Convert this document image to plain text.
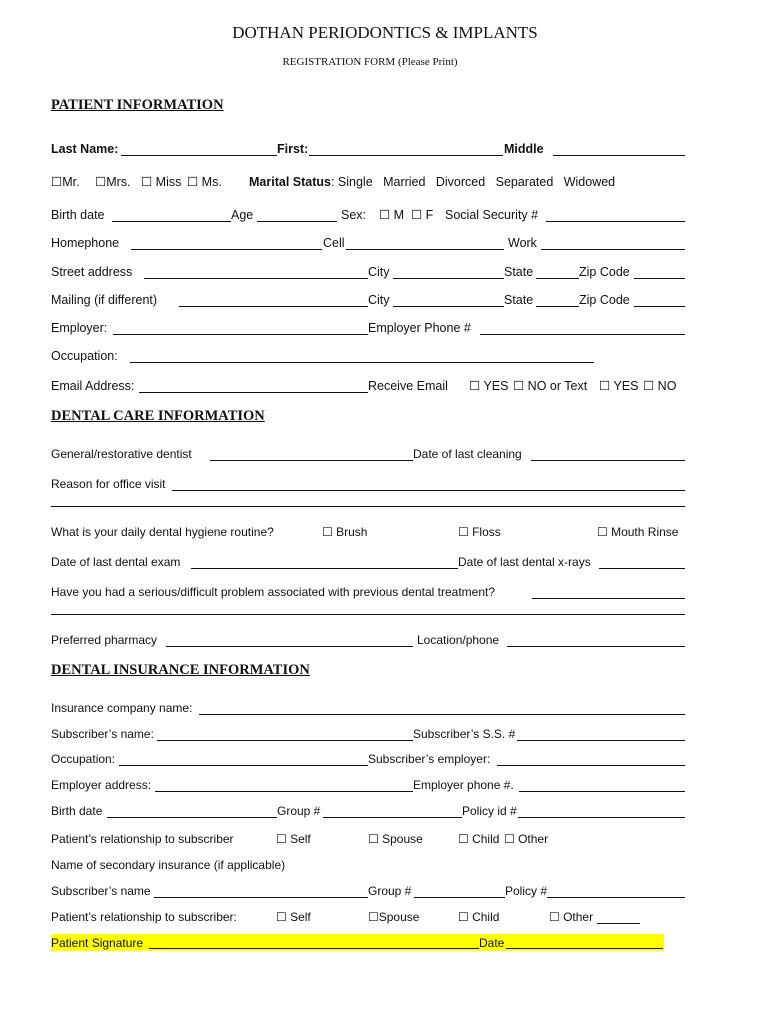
DOTHAN PERIODONTICS & IMPLANTS
REGISTRATION FORM (Please Print)
PATIENT INFORMATION
Last Name:	First:	Middle
☐Mr. ☐Mrs. ☐ Miss ☐ Ms. Marital Status: Single   Married   Divorced   Separated   Widowed
Birth date	Age	Sex: ☐ M ☐ F Social Security #
Homephone	Cell	Work
Street address	City	State	Zip Code
Mailing (if different)	City	State	Zip Code
Employer:	Employer Phone #
Occupation:
Email Address:	Receive Email ☐ YES ☐ NO or Text ☐ YES ☐ NO
DENTAL CARE INFORMATION
General/restorative dentist	Date of last cleaning
Reason for office visit
What is your daily dental hygiene routine?	☐ Brush	☐ Floss	☐ Mouth Rinse
Date of last dental exam	Date of last dental x-rays
Have you had a serious/difficult problem associated with previous dental treatment?
Preferred pharmacy	Location/phone
DENTAL INSURANCE INFORMATION
Insurance company name:
Subscriber’s name:	Subscriber’s S.S. #
Occupation:	Subscriber’s employer:
Employer address:	Employer phone #.
Birth date	Group #	Policy id #
Patient’s relationship to subscriber	☐ Self	☐ Spouse	☐ Child ☐ Other
Name of secondary insurance (if applicable)
Subscriber’s name	Group #	Policy #
Patient’s relationship to subscriber:	☐ Self	☐Spouse	☐ Child	☐ Other
Patient Signature	Date
